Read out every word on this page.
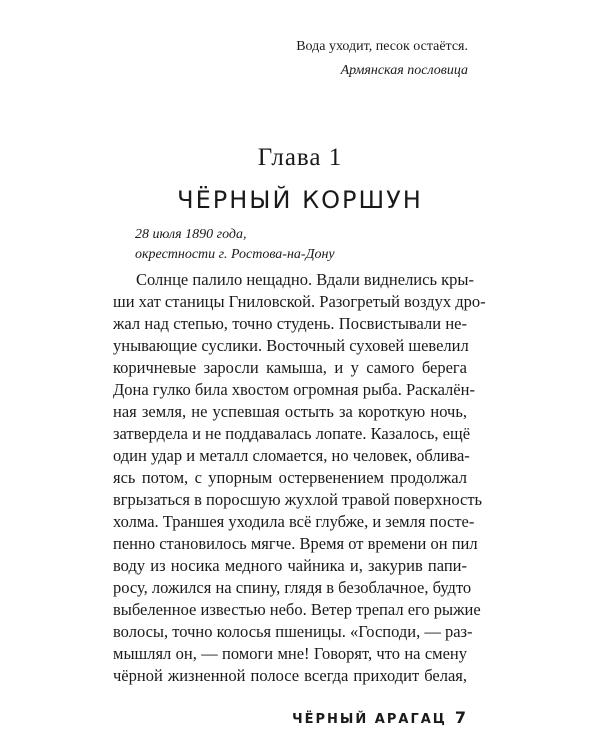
Вода уходит, песок остаётся.
Армянская пословица
Глава 1
ЧЁРНЫЙ КОРШУН
28 июля 1890 года,
окрестности г. Ростова-на-Дону
Солнце палило нещадно. Вдали виднелись кры-
ши хат станицы Гниловской. Разогретый воздух дро-
жал над степью, точно студень. Посвистывали не-
унывающие суслики. Восточный суховей шевелил
коричневые заросли камыша, и у самого берега
Дона гулко била хвостом огромная рыба. Раскалён-
ная земля, не успевшая остыть за короткую ночь,
затвердела и не поддавалась лопате. Казалось, ещё
один удар и металл сломается, но человек, облива-
ясь потом, с упорным остервенением продолжал
вгрызаться в поросшую жухлой травой поверхность
холма. Траншея уходила всё глубже, и земля посте-
пенно становилось мягче. Время от времени он пил
воду из носика медного чайника и, закурив папи-
росу, ложился на спину, глядя в безоблачное, будто
выбеленное известью небо. Ветер трепал его рыжие
волосы, точно колосья пшеницы. «Господи, — раз-
мышлял он, — помоги мне! Говорят, что на смену
чёрной жизненной полосе всегда приходит белая,
ЧЁРНЫЙ АРАГАЦ 7
